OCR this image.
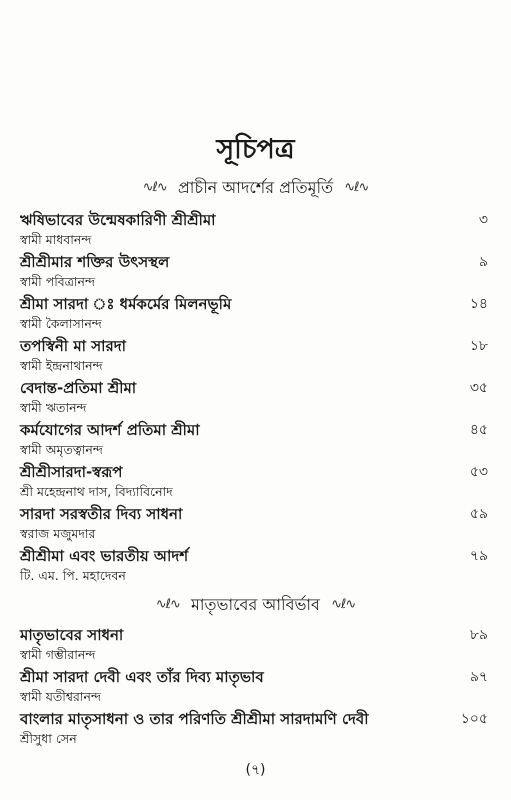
সূচিপত্র
∿ℓ∿ প্রাচীন আদর্শের প্রতিমূর্তি ∿ℓ∿
ঋষিভাবের উন্মেষকারিণী শ্রীশ্রীমা
স্বামী মাধবানন্দ
৩
শ্রীশ্রীমার শক্তির উৎসস্থল
স্বামী পবিত্রানন্দ
৯
শ্রীমা সারদা ঃ ধর্মকর্মের মিলনভূমি
স্বামী কৈলাসানন্দ
১৪
তপস্বিনী মা সারদা
স্বামী ইন্দ্রনাথানন্দ
১৮
বেদান্ত-প্রতিমা শ্রীমা
স্বামী ঋতানন্দ
৩৫
কর্মযোগের আদর্শ প্রতিমা শ্রীমা
স্বামী অমৃতত্বানন্দ
৪৫
শ্রীশ্রীসারদা-স্বরূপ
শ্রী মহেন্দ্রনাথ দাস, বিদ্যাবিনোদ
৫৩
সারদা সরস্বতীর দিব্য সাধনা
স্বরাজ মজুমদার
৫৯
শ্রীশ্রীমা এবং ভারতীয় আদর্শ
টি. এম. পি. মহাদেবন
৭৯
∿ℓ∿ মাতৃভাবের আবির্ভাব ∿ℓ∿
মাতৃভাবের সাধনা
স্বামী গম্ভীরানন্দ
৮৯
শ্রীমা সারদা দেবী এবং তাঁর দিব্য মাতৃভাব
স্বামী যতীশ্বরানন্দ
৯৭
বাংলার মাতৃসাধনা ও তার পরিণতি শ্রীশ্রীমা সারদামণি দেবী
শ্রীসুধা সেন
১০৫
(৭)
